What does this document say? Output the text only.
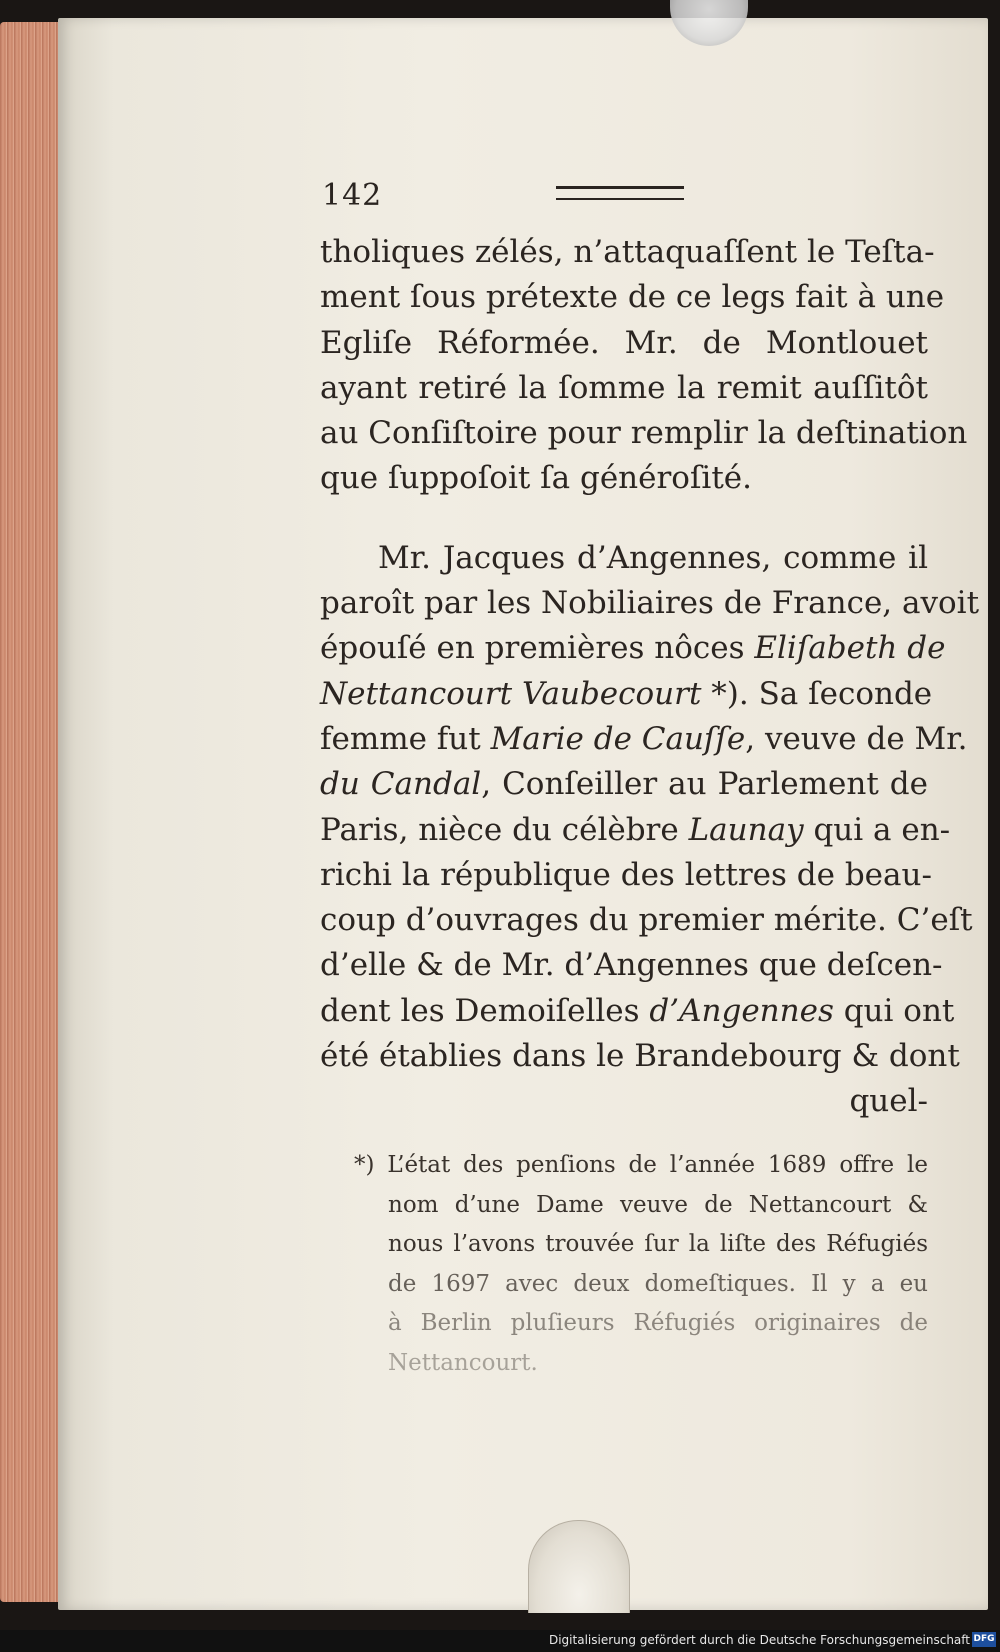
142
tholiques zélés, n’attaquaſſent le Teſta-
ment ſous prétexte de ce legs fait à une
Egliſe Réformée. Mr. de Montlouet
ayant retiré la ſomme la remit auſſitôt
au Conſiſtoire pour remplir la deſtination
que ſuppoſoit ſa généroſité.
Mr. Jacques d’Angennes, comme il
paroît par les Nobiliaires de France, avoit
épouſé en premières nôces Eliſabeth de
Nettancourt Vaubecourt *). Sa ſeconde
femme fut Marie de Cauſſe, veuve de Mr.
du Candal, Conſeiller au Parlement de
Paris, nièce du célèbre Launay qui a en-
richi la république des lettres de beau-
coup d’ouvrages du premier mérite. C’eſt
d’elle & de Mr. d’Angennes que deſcen-
dent les Demoiſelles d’Angennes qui ont
été établies dans le Brandebourg & dont
quel-
*) L’état des penſions de l’année 1689 offre le
nom d’une Dame veuve de Nettancourt &
nous l’avons trouvée ſur la liſte des Réfugiés
de 1697 avec deux domeſtiques. Il y a eu
à Berlin pluſieurs Réfugiés originaires de
Nettancourt.
Digitalisierung gefördert durch die Deutsche Forschungsgemeinschaft DFG
